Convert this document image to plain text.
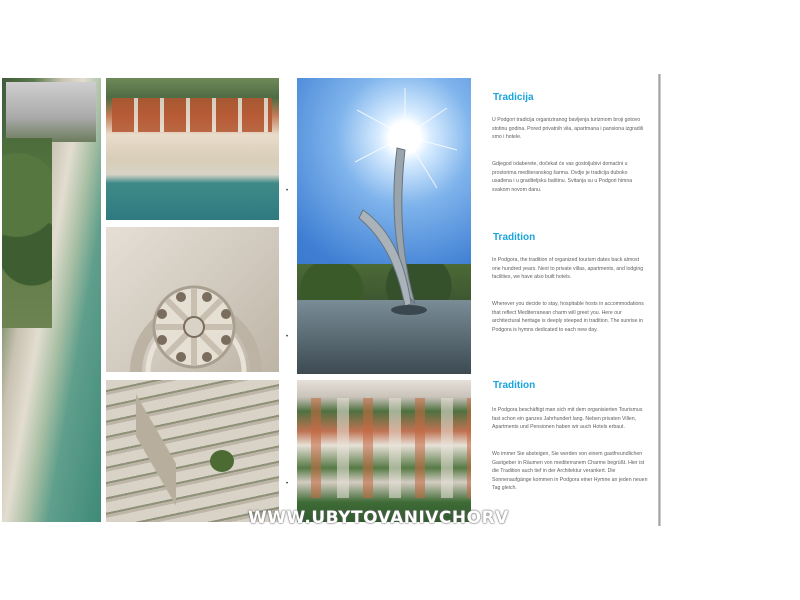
•
•
•
Tradicija

U Podgori tradicija organiziranog bavljenja turizmom broji gotovo stotinu godina. Pored privatnih vila, apartmana i pansiona izgradili smo i hotele.

Gdjegod odaberete, dočekat će vas gostoljubivi domaćini u prostorima mediteranskog šarma. Ovdje je tradicija duboko usađena i u graditeljsku baštinu. Svitanja su u Podgori himna svakom novom danu.

Tradition

In Podgora, the tradition of organized tourism dates back almost one hundred years. Next to private villas, apartments, and lodging facilities, we have also built hotels.

Wherever you decide to stay, hospitable hosts in accommodations that reflect Mediterranean charm will greet you. Here our architectural heritage is deeply steeped in tradition. The sunrise in Podgora is hymns dedicated to each new day.

Tradition

In Podgora beschäftigt man sich mit dem organisierten Tourismus fast schon ein ganzes Jahrhundert lang. Neben privaten Villen, Apartments und Pensionen haben wir auch Hotels erbaut.

Wo immer Sie absteigen, Sie werden von einem gastfreundlichen Gastgeber in Räumen von mediterranem Charme begrüßt. Hier ist die Tradition auch tief in der Architektur verankert. Die Sonnenaufgänge kommen in Podgora einer Hymne an jeden neuen Tag gleich.

WWW.UBYTOVANIVCHORV
